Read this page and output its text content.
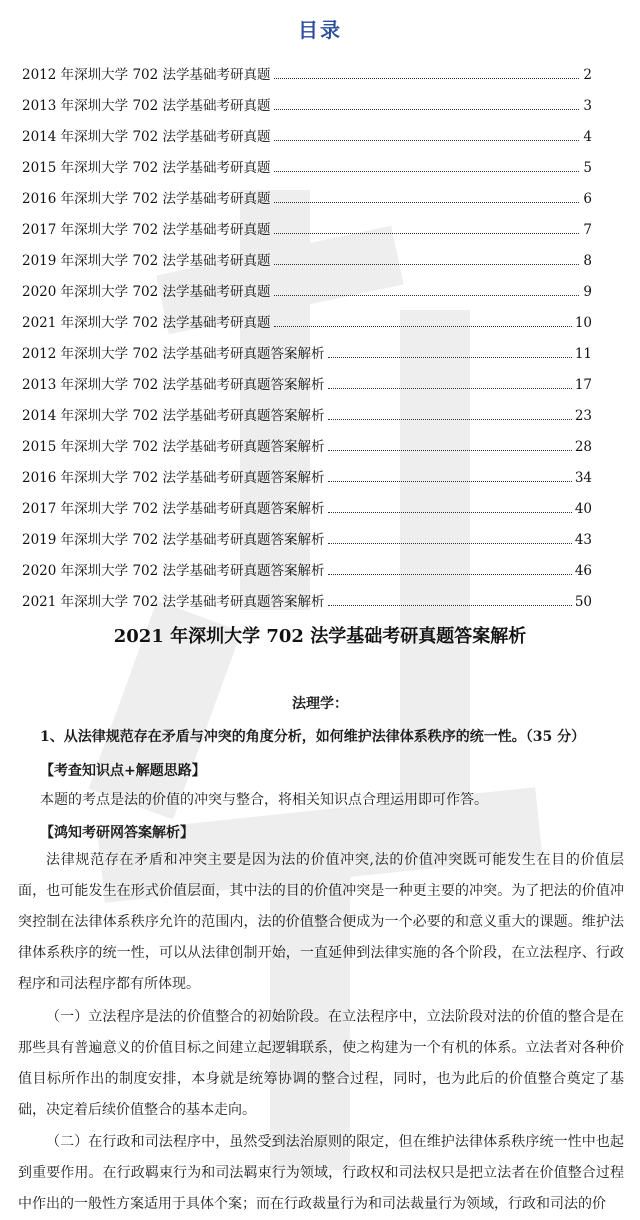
目录
2012 年深圳大学 702 法学基础考研真题	2
2013 年深圳大学 702 法学基础考研真题	3
2014 年深圳大学 702 法学基础考研真题	4
2015 年深圳大学 702 法学基础考研真题	5
2016 年深圳大学 702 法学基础考研真题	6
2017 年深圳大学 702 法学基础考研真题	7
2019 年深圳大学 702 法学基础考研真题	8
2020 年深圳大学 702 法学基础考研真题	9
2021 年深圳大学 702 法学基础考研真题	10
2012 年深圳大学 702 法学基础考研真题答案解析	11
2013 年深圳大学 702 法学基础考研真题答案解析	17
2014 年深圳大学 702 法学基础考研真题答案解析	23
2015 年深圳大学 702 法学基础考研真题答案解析	28
2016 年深圳大学 702 法学基础考研真题答案解析	34
2017 年深圳大学 702 法学基础考研真题答案解析	40
2019 年深圳大学 702 法学基础考研真题答案解析	43
2020 年深圳大学 702 法学基础考研真题答案解析	46
2021 年深圳大学 702 法学基础考研真题答案解析	50
2021 年深圳大学 702 法学基础考研真题答案解析
法理学：
1、从法律规范存在矛盾与冲突的角度分析，如何维护法律体系秩序的统一性。（35 分）
【考查知识点+解题思路】

本题的考点是法的价值的冲突与整合，将相关知识点合理运用即可作答。

【鸿知考研网答案解析】

法律规范存在矛盾和冲突主要是因为法的价值冲突,法的价值冲突既可能发生在目的价值层面，也可能发生在形式价值层面，其中法的目的价值冲突是一种更主要的冲突。为了把法的价值冲突控制在法律体系秩序允许的范围内，法的价值整合便成为一个必要的和意义重大的课题。维护法律体系秩序的统一性，可以从法律创制开始，一直延伸到法律实施的各个阶段，在立法程序、行政程序和司法程序都有所体现。

（一）立法程序是法的价值整合的初始阶段。在立法程序中，立法阶段对法的价值的整合是在那些具有普遍意义的价值目标之间建立起逻辑联系，使之构建为一个有机的体系。立法者对各种价值目标所作出的制度安排，本身就是统筹协调的整合过程，同时，也为此后的价值整合奠定了基础，决定着后续价值整合的基本走向。

（二）在行政和司法程序中，虽然受到法治原则的限定，但在维护法律体系秩序统一性中也起到重要作用。在行政羁束行为和司法羁束行为领域，行政权和司法权只是把立法者在价值整合过程中作出的一般性方案适用于具体个案；而在行政裁量行为和司法裁量行为领域，行政和司法的价
